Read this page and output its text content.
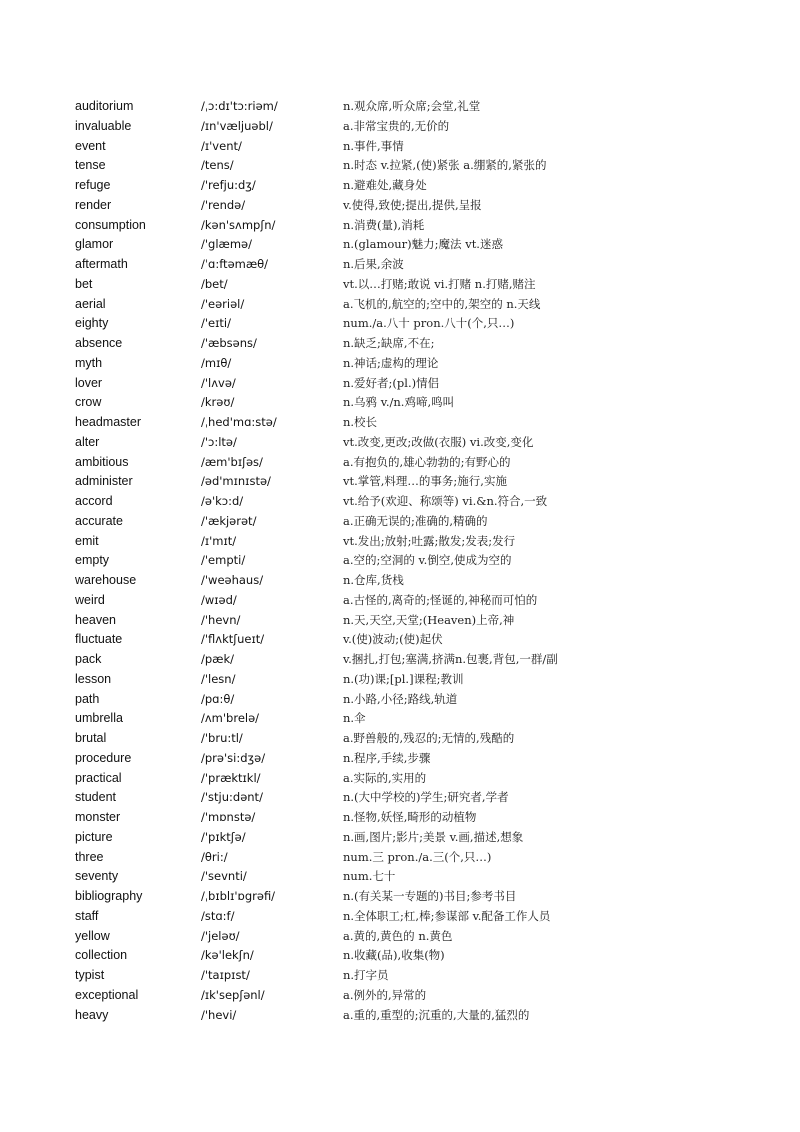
auditorium	/ˌɔ:dɪ'tɔ:riəm/	n.观众席,听众席;会堂,礼堂
invaluable	/ɪn'væljuəbl/	a.非常宝贵的,无价的
event	/ɪ'vent/	n.事件,事情
tense	/tens/	n.时态 v.拉紧,(使)紧张 a.绷紧的,紧张的
refuge	/'refju:dʒ/	n.避难处,藏身处
render	/'rendə/	v.使得,致使;提出,提供,呈报
consumption	/kən'sʌmpʃn/	n.消费(量),消耗
glamor	/'glæmə/	n.(glamour)魅力;魔法 vt.迷惑
aftermath	/ˈɑ:ftəmæθ/	n.后果,余波
bet	/bet/	vt.以…打赌;敢说 vi.打赌 n.打赌,赌注
aerial	/'eəriəl/	a.飞机的,航空的;空中的,架空的 n.天线
eighty	/'eɪti/	num./a.八十 pron.八十(个,只…)
absence	/'æbsəns/	n.缺乏;缺席,不在;
myth	/mɪθ/	n.神话;虚构的理论
lover	/'lʌvə/	n.爱好者;(pl.)情侣
crow	/krəʊ/	n.乌鸦 v./n.鸡啼,鸣叫
headmaster	/ˌhed'mɑ:stə/	n.校长
alter	/'ɔ:ltə/	vt.改变,更改;改做(衣服) vi.改变,变化
ambitious	/æm'bɪʃəs/	a.有抱负的,雄心勃勃的;有野心的
administer	/əd'mɪnɪstə/	vt.掌管,料理…的事务;施行,实施
accord	/ə'kɔ:d/	vt.给予(欢迎、称颂等) vi.&n.符合,一致
accurate	/'ækjərət/	a.正确无误的;准确的,精确的
emit	/ɪ'mɪt/	vt.发出;放射;吐露;散发;发表;发行
empty	/'empti/	a.空的;空洞的 v.倒空,使成为空的
warehouse	/'weəhaus/	n.仓库,货栈
weird	/wɪəd/	a.古怪的,离奇的;怪诞的,神秘而可怕的
heaven	/'hevn/	n.天,天空,天堂;(Heaven)上帝,神
fluctuate	/'flʌktʃueɪt/	v.(使)波动;(使)起伏
pack	/pæk/	v.捆扎,打包;塞满,挤满n.包裹,背包,一群/副
lesson	/'lesn/	n.(功)课;[pl.]课程;教训
path	/pɑ:θ/	n.小路,小径;路线,轨道
umbrella	/ʌm'brelə/	n.伞
brutal	/'bru:tl/	a.野兽般的,残忍的;无情的,残酷的
procedure	/prə'si:dʒə/	n.程序,手续,步骤
practical	/'præktɪkl/	a.实际的,实用的
student	/'stju:dənt/	n.(大中学校的)学生;研究者,学者
monster	/'mɒnstə/	n.怪物,妖怪,畸形的动植物
picture	/'pɪktʃə/	n.画,图片;影片;美景 v.画,描述,想象
three	/θri:/	num.三 pron./a.三(个,只…)
seventy	/'sevnti/	num.七十
bibliography	/ˌbɪblɪ'ɒgrəfi/	n.(有关某一专题的)书目;参考书目
staff	/stɑ:f/	n.全体职工;杠,棒;参谋部 v.配备工作人员
yellow	/'jeləʊ/	a.黄的,黄色的 n.黄色
collection	/kə'lekʃn/	n.收藏(品),收集(物)
typist	/'taɪpɪst/	n.打字员
exceptional	/ɪk'sepʃənl/	a.例外的,异常的
heavy	/'hevi/	a.重的,重型的;沉重的,大量的,猛烈的
